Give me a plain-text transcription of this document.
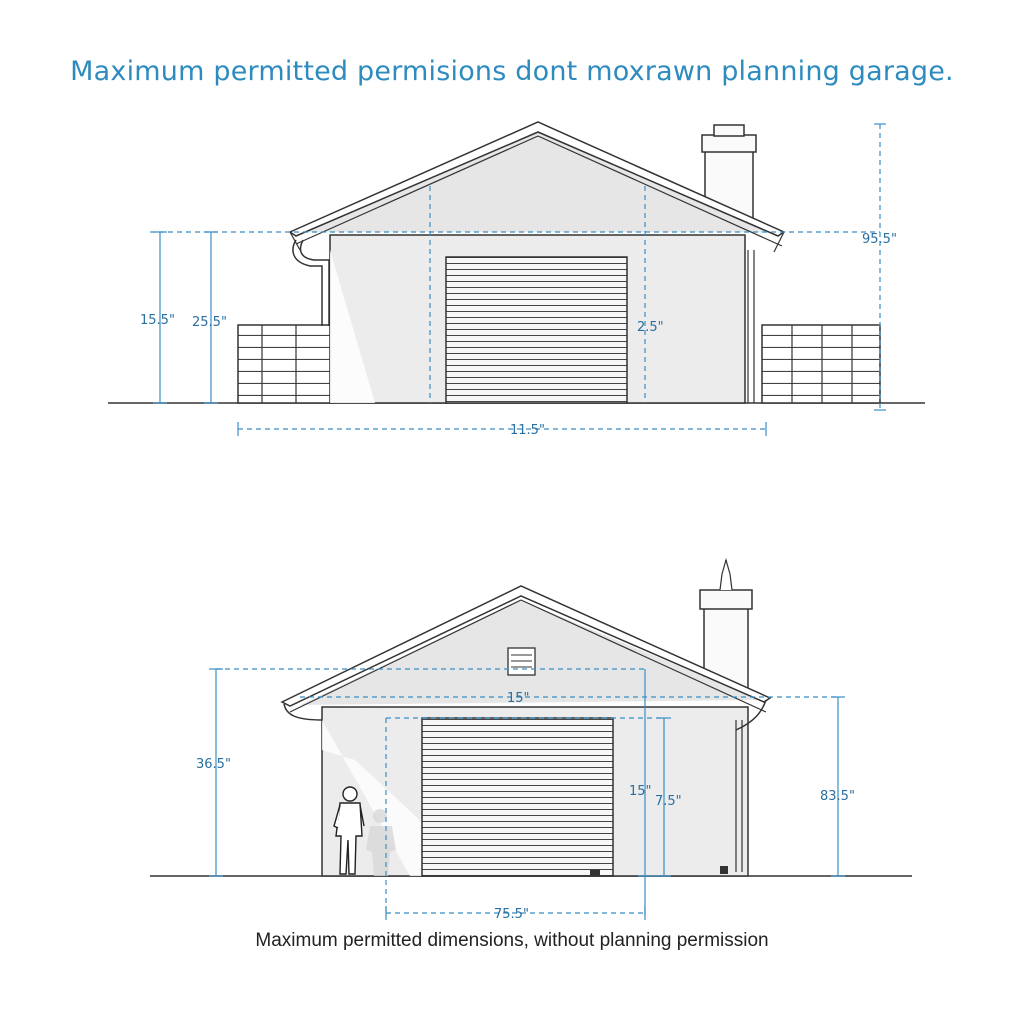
Maximum permitted permisions dont moxrawn planning garage.
15.5" 25.5"	2.5"
95.5"
11.5"
36.5"
15"
15"
7.5"	83.5"
75.5"
Maximum permitted dimensions, without planning permission
